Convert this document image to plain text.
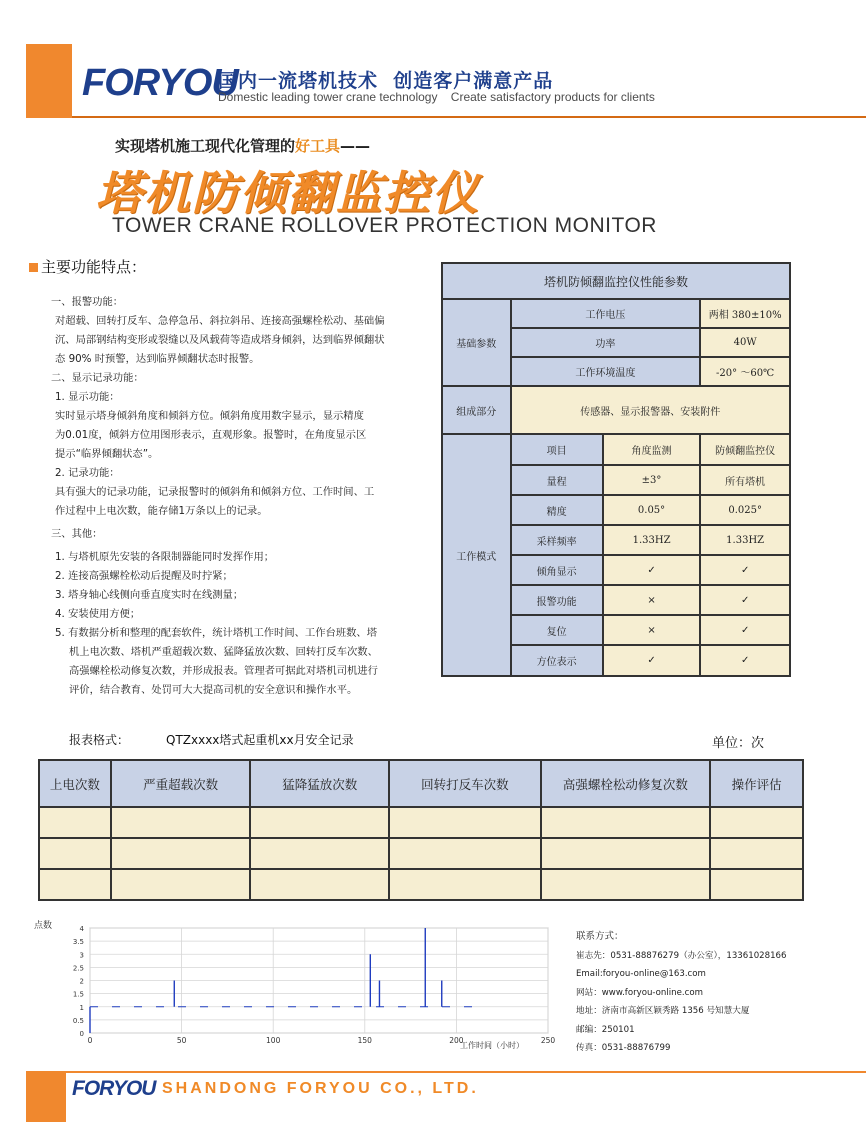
FORYOU
国内一流塔机技术  创造客户满意产品
Domestic leading tower crane technology    Create satisfactory products for clients
实现塔机施工现代化管理的好工具——
塔机防倾翻监控仪
TOWER CRANE ROLLOVER PROTECTION MONITOR
主要功能特点：

一、报警功能：

对超载、回转打反车、急停急吊、斜拉斜吊、连接高强螺栓松动、基础偏

沉、局部钢结构变形或裂缝以及风载荷等造成塔身倾斜，达到临界倾翻状

态 90% 时预警，达到临界倾翻状态时报警。

二、显示记录功能：

1. 显示功能：

实时显示塔身倾斜角度和倾斜方位。倾斜角度用数字显示，显示精度

为0.01度，倾斜方位用图形表示，直观形象。报警时，在角度显示区

提示“临界倾翻状态”。

2. 记录功能：

具有强大的记录功能，记录报警时的倾斜角和倾斜方位、工作时间、工

作过程中上电次数，能存储1万条以上的记录。

三、其他：

1. 与塔机原先安装的各限制器能同时发挥作用；

2. 连接高强螺栓松动后提醒及时拧紧；

3. 塔身轴心线侧向垂直度实时在线测量；

4. 安装使用方便；

5. 有数据分析和整理的配套软件，统计塔机工作时间、工作台班数、塔

机上电次数、塔机严重超载次数、猛降猛放次数、回转打反车次数、

高强螺栓松动修复次数，并形成报表。管理者可据此对塔机司机进行

评价，结合教育、处罚可大大提高司机的安全意识和操作水平。

塔机防倾翻监控仪性能参数			
基础参数	工作电压		两相 380±10%
	功率		40W
	工作环境温度		-20° ～60℃
组成部分	传感器、显示报警器、安装附件		
工作模式	项目	角度监测	防倾翻监控仪
	量程	±3°	所有塔机
	精度	0.05°	0.025°
	采样频率	1.33HZ	1.33HZ
	倾角显示	✓	✓
	报警功能	×	✓
	复位	×	✓
	方位表示	✓	✓
报表格式：	QTZxxxx塔式起重机xx月安全记录	单位：次
上电次数	严重超载次数	猛降猛放次数	回转打反车次数	高强螺栓松动修复次数	操作评估

点数
工作时间（小时）
0
0.5
1
1.5
2
2.5
3
3.5
4
0	50	100	150	200	250

联系方式：

崔志先：0531-88876279（办公室），13361028166

Email:foryou-online@163.com

网站：www.foryou-online.com

地址：济南市高新区颖秀路 1356 号知慧大厦

邮编：250101

传真：0531-88876799

FORYOU SHANDONG FORYOU CO., LTD.
